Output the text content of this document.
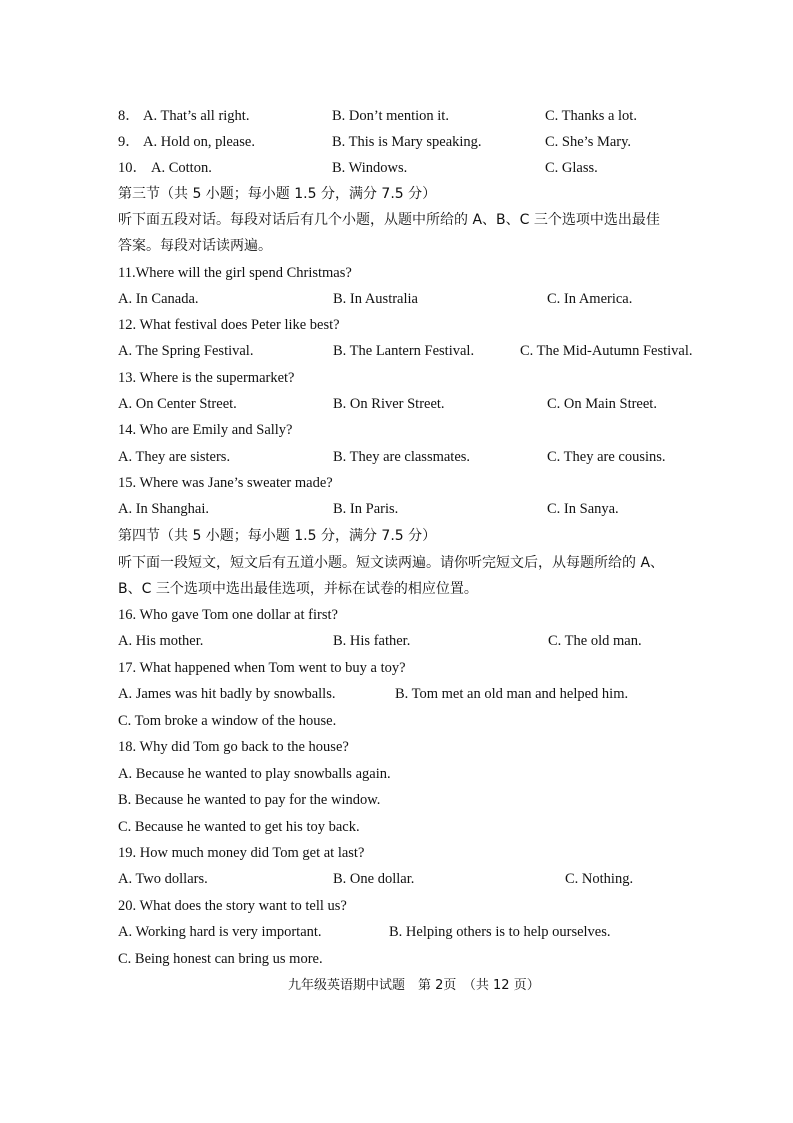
8． A. That’s all right.	B. Don’t mention it.	C. Thanks a lot.
9． A. Hold on, please.	B. This is Mary speaking.	C. She’s Mary.
10． A. Cotton.	B. Windows.	C. Glass.
第三节（共 5 小题；每小题 1.5 分，满分 7.5 分）
听下面五段对话。每段对话后有几个小题，从题中所给的 A、B、C 三个选项中选出最佳
答案。每段对话读两遍。
11.Where will the girl spend Christmas?
A. In Canada.	B. In Australia	C. In America.
12. What festival does Peter like best?
A. The Spring Festival.	B. The Lantern Festival.	C. The Mid-Autumn Festival.
13. Where is the supermarket?
A. On Center Street.	B. On River Street.	C. On Main Street.
14. Who are Emily and Sally?
A. They are sisters.	B. They are classmates.	C. They are cousins.
15. Where was Jane’s sweater made?
A. In Shanghai.	B. In Paris.	C. In Sanya.
第四节（共 5 小题；每小题 1.5 分，满分 7.5 分）
听下面一段短文，短文后有五道小题。短文读两遍。请你听完短文后，从每题所给的 A、
B、C 三个选项中选出最佳选项，并标在试卷的相应位置。
16. Who gave Tom one dollar at first?
A. His mother.	B. His father.	C. The old man.
17. What happened when Tom went to buy a toy?
A. James was hit badly by snowballs.	B. Tom met an old man and helped him.
C. Tom broke a window of the house.
18. Why did Tom go back to the house?
A. Because he wanted to play snowballs again.
B. Because he wanted to pay for the window.
C. Because he wanted to get his toy back.
19. How much money did Tom get at last?
A. Two dollars.	B. One dollar.	C. Nothing.
20. What does the story want to tell us?
A. Working hard is very important.	B. Helping others is to help ourselves.
C. Being honest can bring us more.
九年级英语期中试题　第 2页　（共 12 页）
